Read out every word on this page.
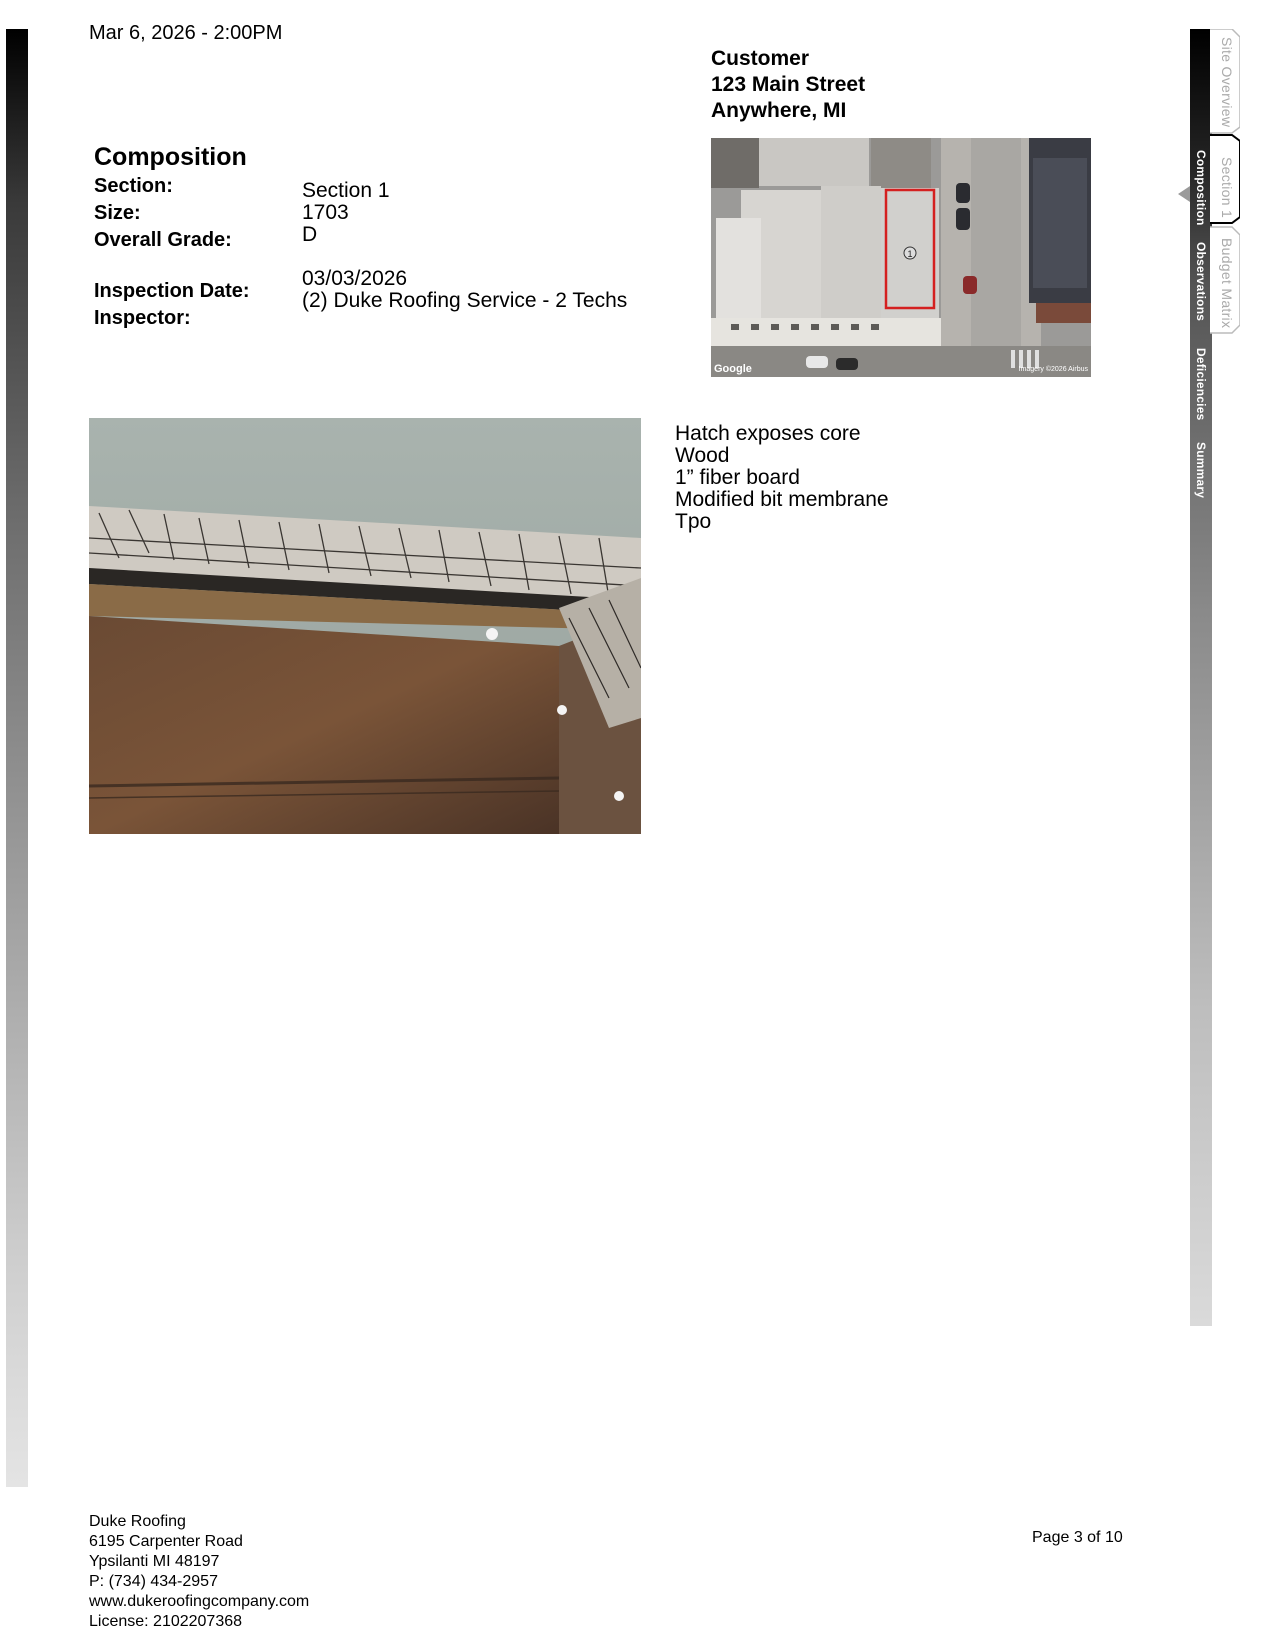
Site Overview
Section 1
Budget Matrix
Composition
Observations
Deficiencies
Summary
Mar 6, 2026 - 2:00PM
Customer
123 Main Street
Anywhere, MI
Composition
Section:
Size:
Overall Grade:
Inspection Date:
Inspector:
Section 1
1703
D
03/03/2026
(2) Duke Roofing Service - 2 Techs
1
Google	Imagery ©2026 Airbus
Hatch exposes core
Wood
1” fiber board
Modified bit membrane
Tpo
Duke Roofing
6195 Carpenter Road
Ypsilanti MI 48197
P: (734) 434-2957
www.dukeroofingcompany.com
License: 2102207368
Page 3 of 10
